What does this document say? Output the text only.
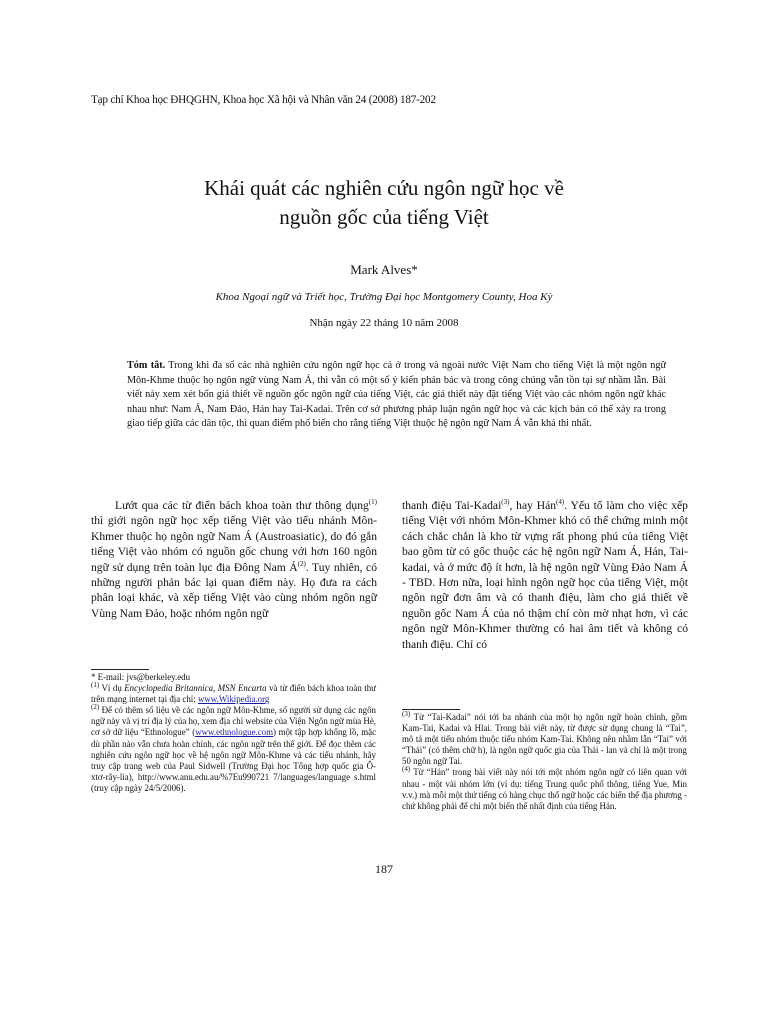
Tạp chí Khoa học ĐHQGHN, Khoa học Xã hội và Nhân văn 24 (2008) 187-202
Khái quát các nghiên cứu ngôn ngữ học về
nguồn gốc của tiếng Việt
Mark Alves*
Khoa Ngoại ngữ và Triết học, Trường Đại học Montgomery County, Hoa Kỳ
Nhận ngày 22 tháng 10 năm 2008
Tóm tắt. Trong khi đa số các nhà nghiên cứu ngôn ngữ học cả ở trong và ngoài nước Việt Nam cho tiếng Việt là một ngôn ngữ Môn-Khme thuộc họ ngôn ngữ vùng Nam Á, thì vẫn có một số ý kiến phản bác và trong công chúng vẫn tồn tại sự nhầm lẫn. Bài viết này xem xét bốn giả thiết về nguồn gốc ngôn ngữ của tiếng Việt, các giả thiết này đặt tiếng Việt vào các nhóm ngôn ngữ khác nhau như: Nam Á, Nam Đảo, Hán hay Tai-Kadai. Trên cơ sở phương pháp luận ngôn ngữ học và các kịch bản có thể xảy ra trong giao tiếp giữa các dân tộc, thì quan điểm phổ biến cho rằng tiếng Việt thuộc hệ ngôn ngữ Nam Á vẫn khả thi nhất.
Lướt qua các từ điển bách khoa toàn thư thông dụng$^{(1)}$ thì giới ngôn ngữ học xếp tiếng Việt vào tiểu nhánh Môn-Khmer thuộc họ ngôn ngữ Nam Á (Austroasiatic), do đó gắn tiếng Việt vào nhóm có nguồn gốc chung với hơn 160 ngôn ngữ sử dụng trên toàn lục địa Đông Nam $Á^{(2)}$. Tuy nhiên, có những người phản bác lại quan điểm này. Họ đưa ra cách phân loại khác, và xếp tiếng Việt vào cùng nhóm ngôn ngữ Vùng Nam Đảo, hoặc nhóm ngôn ngữ
thanh điệu Tai-Kadai$^{(3)}$, hay Hán$^{(4)}$. Yếu tố làm cho việc xếp tiếng Việt với nhóm Môn-Khmer khó có thể chứng minh một cách chắc chắn là kho từ vựng rất phong phú của tiếng Việt bao gồm từ có gốc thuộc các hệ ngôn ngữ Nam Á, Hán, Tai-kadai, và ở mức độ ít hơn, là hệ ngôn ngữ Vùng Đảo Nam Á - TBD. Hơn nữa, loại hình ngôn ngữ học của tiếng Việt, một ngôn ngữ đơn âm và có thanh điệu, làm cho giả thiết về nguồn gốc Nam Á của nó thậm chí còn mờ nhạt hơn, vì các ngôn ngữ Môn-Khmer thường có hai âm tiết và không có thanh điệu. Chỉ có

* E-mail: jvs@berkeley.edu

$^{(1)}$ Ví dụ Encyclopedia Britannica, MSN Encarta và từ điển bách khoa toàn thư trên mạng internet tại địa chỉ: www.Wikipedia.org

$^{(2)}$ Để có thêm số liệu về các ngôn ngữ Môn-Khme, số người sử dụng các ngôn ngữ này và vị trí địa lý của họ, xem địa chỉ website của Viện Ngôn ngữ mùa Hè, cơ sở dữ liệu “Ethnologue” (www.ethnologue.com) một tập hợp khổng lồ, mặc dù phần nào vẫn chưa hoàn chỉnh, các ngôn ngữ trên thế giới. Để đọc thêm các nghiên cứu ngôn ngữ học về hệ ngôn ngữ Môn-Khme và các tiểu nhánh, hãy truy cập trang web của Paul Sidwell (Trường Đại học Tổng hợp quốc gia Ô-xtơ-rây-lia), http://www.anu.edu.au/%7Eu990721 7/languages/language s.html (truy cập ngày 24/5/2006).

$^{(3)}$ Từ “Tai-Kadai” nói tới ba nhánh của một họ ngôn ngữ hoàn chỉnh, gồm Kam-Tai, Kadai và Hlai. Trong bài viết này, từ được sử dụng chung là “Tai”, mô tả một tiểu nhóm thuộc tiểu nhóm Kam-Tai. Không nên nhầm lẫn “Tai” với “Thái” (có thêm chữ h), là ngôn ngữ quốc gia của Thái - lan và chỉ là một trong 50 ngôn ngữ Tai.

$^{(4)}$ Từ “Hán” trong bài viết này nói tới một nhóm ngôn ngữ có liên quan với nhau - một vài nhóm lớn (ví dụ: tiếng Trung quốc phổ thông, tiếng Yue, Min v.v.) mà mỗi một thứ tiếng có hàng chục thổ ngữ hoặc các biến thể địa phương - chứ không phải để chỉ một biến thể nhất định của tiếng Hán.

187
